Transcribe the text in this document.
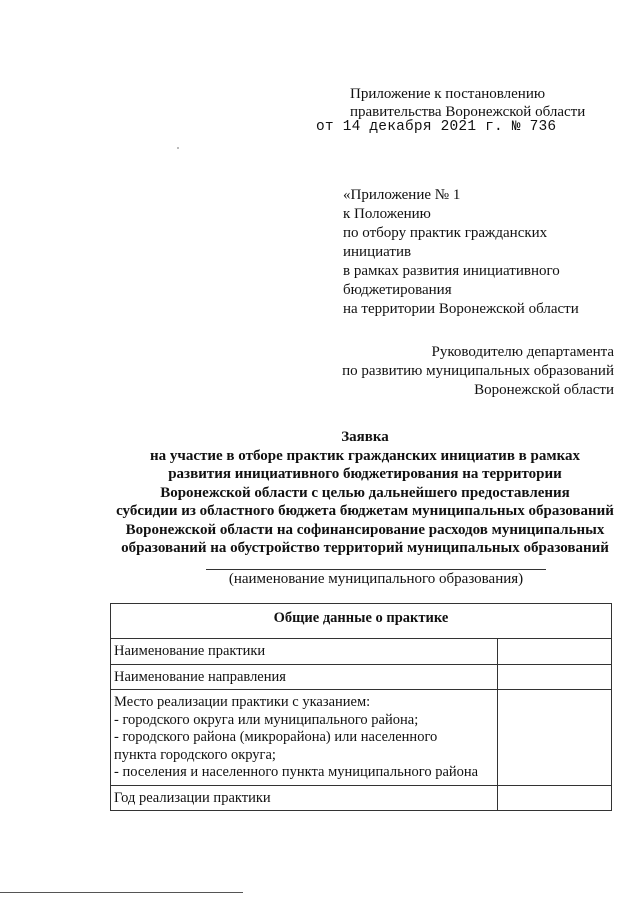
Приложение к постановлению
правительства Воронежской области
от 14 декабря 2021 г. № 736
«Приложение № 1
к Положению
по отбору практик гражданских
инициатив
в рамках развития инициативного
бюджетирования
на территории Воронежской области
Руководителю департамента
по развитию муниципальных образований
Воронежской области
Заявка
на участие в отборе практик гражданских инициатив в рамках
развития инициативного бюджетирования на территории
Воронежской области с целью дальнейшего предоставления
субсидии из областного бюджета бюджетам муниципальных образований
Воронежской области на софинансирование расходов муниципальных
образований на обустройство территорий муниципальных образований
(наименование муниципального образования)
Общие данные о практике	

Наименование практики	

Наименование направления	

Место реализации практики с указанием:
- городского округа или муниципального района;
- городского района (микрорайона) или населенного
пункта городского округа;
- поселения и населенного пункта муниципального района	

Год реализации практики	
